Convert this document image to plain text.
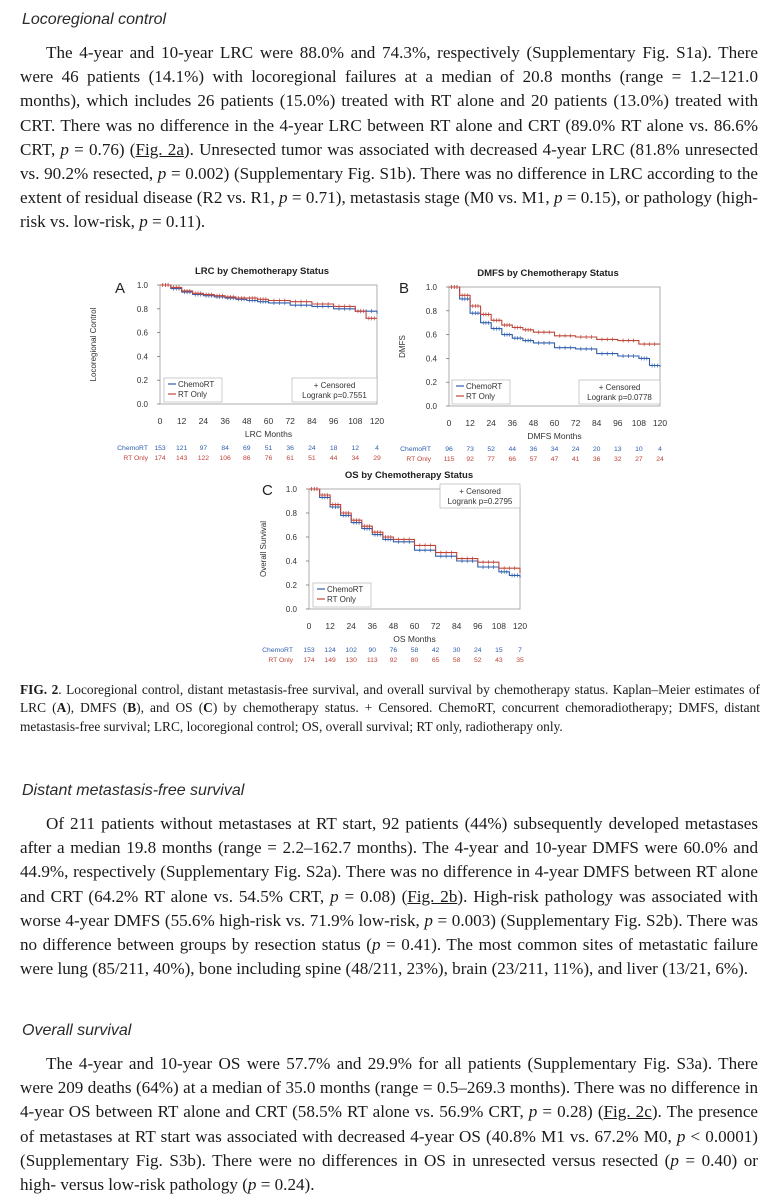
Locoregional control

The 4-year and 10-year LRC were 88.0% and 74.3%, respectively (Supplementary Fig. S1a). There were 46 patients (14.1%) with locoregional failures at a median of 20.8 months (range = 1.2–121.0 months), which includes 26 patients (15.0%) treated with RT alone and 20 patients (13.0%) treated with CRT. There was no difference in the 4-year LRC between RT alone and CRT (89.0% RT alone vs. 86.6% CRT, p = 0.76) (Fig. 2a). Unresected tumor was associated with decreased 4-year LRC (81.8% unresected vs. 90.2% resected, p = 0.002) (Supplementary Fig. S1b). There was no difference in LRC according to the extent of residual disease (R2 vs. R1, p = 0.71), metastasis stage (M0 vs. M1, p = 0.15), or pathology (high-risk vs. low-risk, p = 0.11).

A
LRC by Chemotherapy Status
0.0
0.2
0.4
0.6
0.8
1.0
0 12 24 36 48 60 72 84 96 108 120
LRC Months
Locoregional Control
ChemoRT
RT Only
+ Censored
Logrank p=0.7551
ChemoRT
RT Only
153 121 97 84 69 51 36 24 18 12 4
174 143 122 106 86 76 61 51 44 34 29
B
DMFS by Chemotherapy Status
0.0
0.2
0.4
0.6
0.8
1.0
0 12 24 36 48 60 72 84 96 108 120
DMFS Months
DMFS
ChemoRT
RT Only
+ Censored
Logrank p=0.0778
ChemoRT
RT Only
96 73 52 44 36 34 24 20 13 10 4
115 92 77 66 57 47 41 36 32 27 24
C
OS by Chemotherapy Status
0.0
0.2
0.4
0.6
0.8
1.0
0 12 24 36 48 60 72 84 96 108 120
OS Months
Overall Survival
ChemoRT
RT Only
+ Censored
Logrank p=0.2795
ChemoRT
RT Only
153 124 102 90 76 58 42 30 24 15 7
174 149 130 113 92 80 65 58 52 43 35

FIG. 2. Locoregional control, distant metastasis-free survival, and overall survival by chemotherapy status. Kaplan–Meier estimates of LRC (A), DMFS (B), and OS (C) by chemotherapy status. + Censored. ChemoRT, concurrent chemoradiotherapy; DMFS, distant metastasis-free survival; LRC, locoregional control; OS, overall survival; RT only, radiotherapy only.

Distant metastasis-free survival

Of 211 patients without metastases at RT start, 92 patients (44%) subsequently developed metastases after a median 19.8 months (range = 2.2–162.7 months). The 4-year and 10-year DMFS were 60.0% and 44.9%, respectively (Supplementary Fig. S2a). There was no difference in 4-year DMFS between RT alone and CRT (64.2% RT alone vs. 54.5% CRT, p = 0.08) (Fig. 2b). High-risk pathology was associated with worse 4-year DMFS (55.6% high-risk vs. 71.9% low-risk, p = 0.003) (Supplementary Fig. S2b). There was no difference between groups by resection status (p = 0.41). The most common sites of metastatic failure were lung (85/211, 40%), bone including spine (48/211, 23%), brain (23/211, 11%), and liver (13/21, 6%).

Overall survival

The 4-year and 10-year OS were 57.7% and 29.9% for all patients (Supplementary Fig. S3a). There were 209 deaths (64%) at a median of 35.0 months (range = 0.5–269.3 months). There was no difference in 4-year OS between RT alone and CRT (58.5% RT alone vs. 56.9% CRT, p = 0.28) (Fig. 2c). The presence of metastases at RT start was associated with decreased 4-year OS (40.8% M1 vs. 67.2% M0, p < 0.0001) (Supplementary Fig. S3b). There were no differences in OS in unresected versus resected (p = 0.40) or high- versus low-risk pathology (p = 0.24).
